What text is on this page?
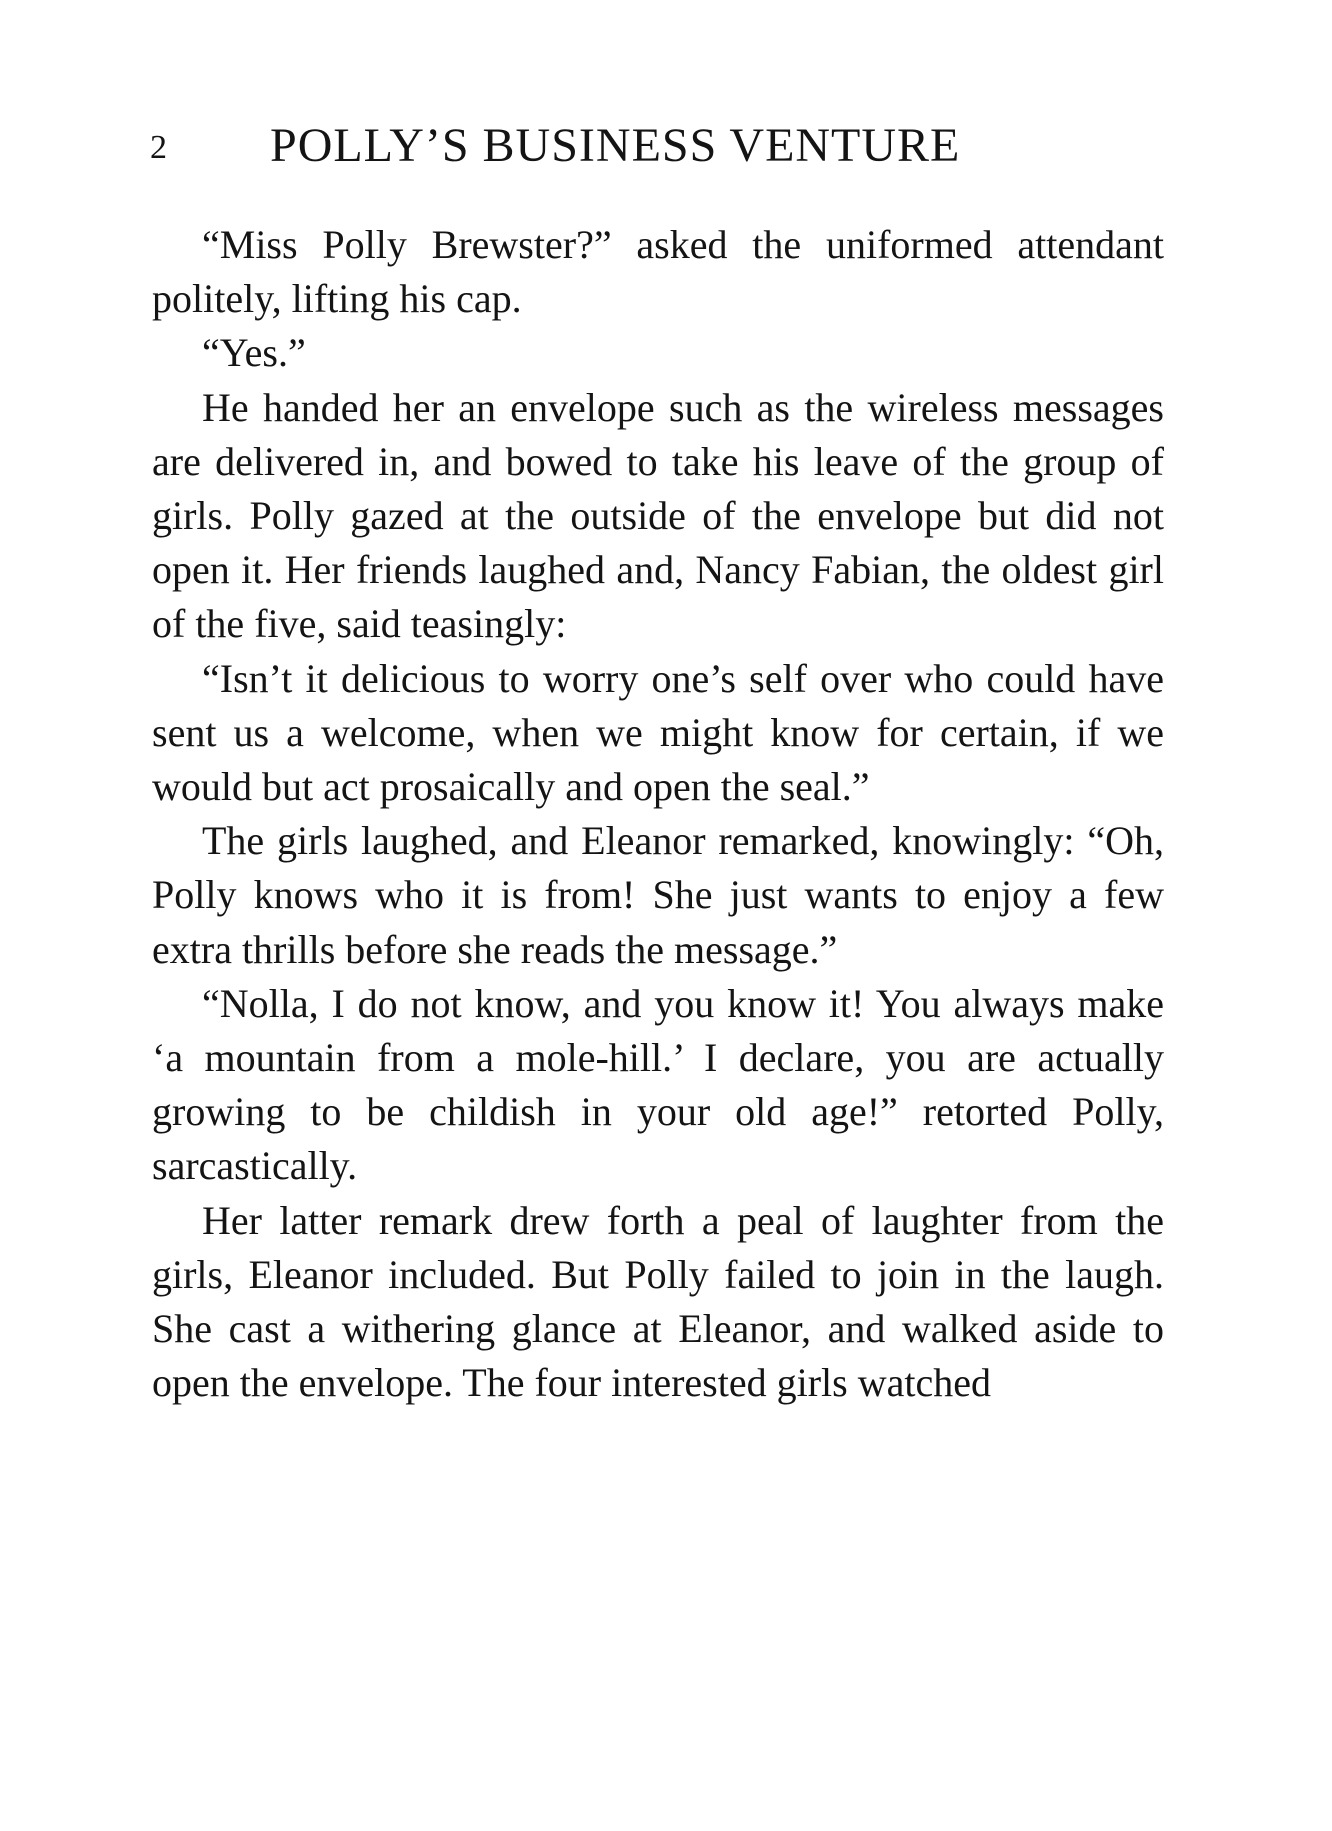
2 POLLY’S BUSINESS VENTURE

“Miss Polly Brewster?” asked the uniformed attendant politely, lifting his cap.

“Yes.”

He handed her an envelope such as the wireless messages are delivered in, and bowed to take his leave of the group of girls. Polly gazed at the outside of the envelope but did not open it. Her friends laughed and, Nancy Fabian, the oldest girl of the five, said teasingly:

“Isn’t it delicious to worry one’s self over who could have sent us a welcome, when we might know for certain, if we would but act prosaically and open the seal.”

The girls laughed, and Eleanor remarked, knowingly: “Oh, Polly knows who it is from! She just wants to enjoy a few extra thrills before she reads the message.”

“Nolla, I do not know, and you know it! You always make ‘a mountain from a mole-hill.’ I declare, you are actually growing to be childish in your old age!” retorted Polly, sarcastically.

Her latter remark drew forth a peal of laughter from the girls, Eleanor included. But Polly failed to join in the laugh. She cast a withering glance at Eleanor, and walked aside to open the envelope. The four interested girls watched
